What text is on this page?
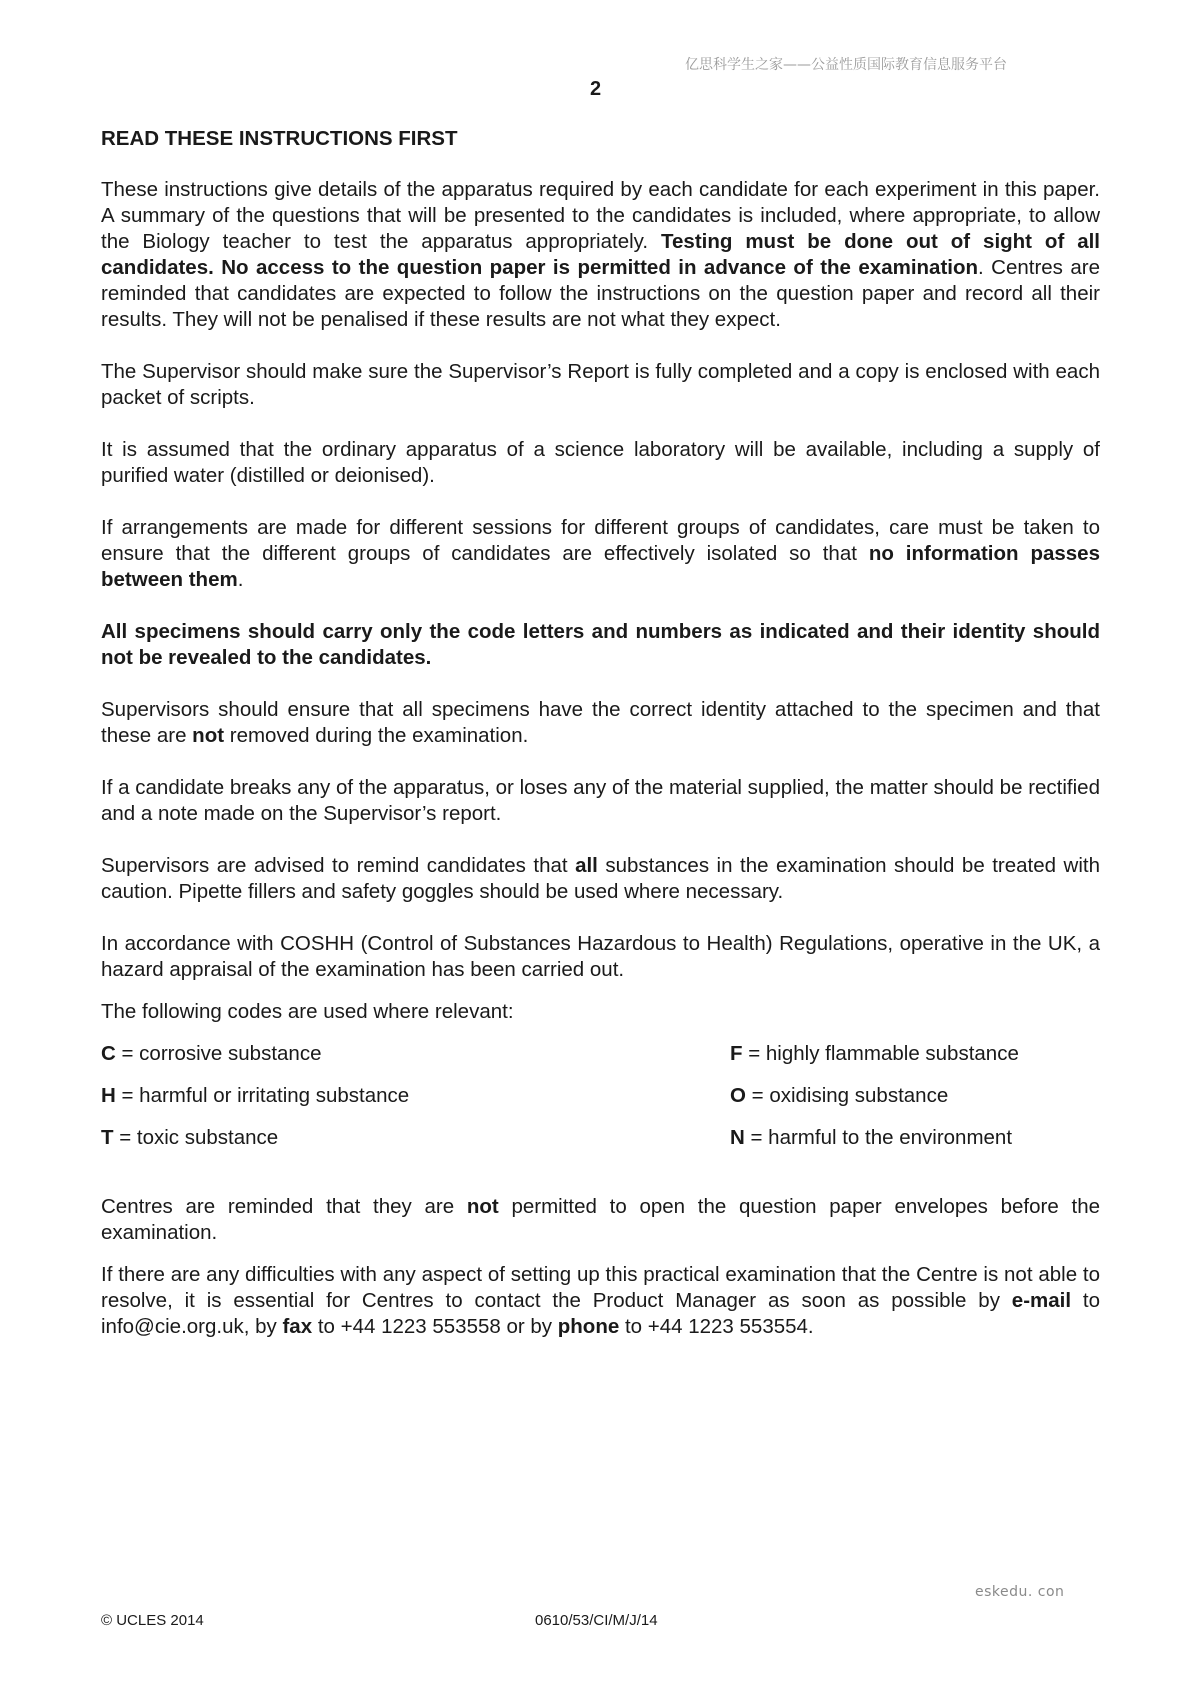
亿思科学生之家——公益性质国际教育信息服务平台
2
READ THESE INSTRUCTIONS FIRST

These instructions give details of the apparatus required by each candidate for each experiment in this paper. A summary of the questions that will be presented to the candidates is included, where appropriate, to allow the Biology teacher to test the apparatus appropriately. Testing must be done out of sight of all candidates. No access to the question paper is permitted in advance of the examination. Centres are reminded that candidates are expected to follow the instructions on the question paper and record all their results. They will not be penalised if these results are not what they expect.

The Supervisor should make sure the Supervisor’s Report is fully completed and a copy is enclosed with each packet of scripts.

It is assumed that the ordinary apparatus of a science laboratory will be available, including a supply of purified water (distilled or deionised).

If arrangements are made for different sessions for different groups of candidates, care must be taken to ensure that the different groups of candidates are effectively isolated so that no information passes between them.

All specimens should carry only the code letters and numbers as indicated and their identity should not be revealed to the candidates.

Supervisors should ensure that all specimens have the correct identity attached to the specimen and that these are not removed during the examination.

If a candidate breaks any of the apparatus, or loses any of the material supplied, the matter should be rectified and a note made on the Supervisor’s report.

Supervisors are advised to remind candidates that all substances in the examination should be treated with caution. Pipette fillers and safety goggles should be used where necessary.

In accordance with COSHH (Control of Substances Hazardous to Health) Regulations, operative in the UK, a hazard appraisal of the examination has been carried out.

The following codes are used where relevant:

C = corrosive substance	F = highly flammable substance
H = harmful or irritating substance	O = oxidising substance
T = toxic substance	N = harmful to the environment

Centres are reminded that they are not permitted to open the question paper envelopes before the examination.

If there are any difficulties with any aspect of setting up this practical examination that the Centre is not able to resolve, it is essential for Centres to contact the Product Manager as soon as possible by e-mail to info@cie.org.uk, by fax to +44 1223 553558 or by phone to +44 1223 553554.

eskedu. con
© UCLES 2014	0610/53/CI/M/J/14
